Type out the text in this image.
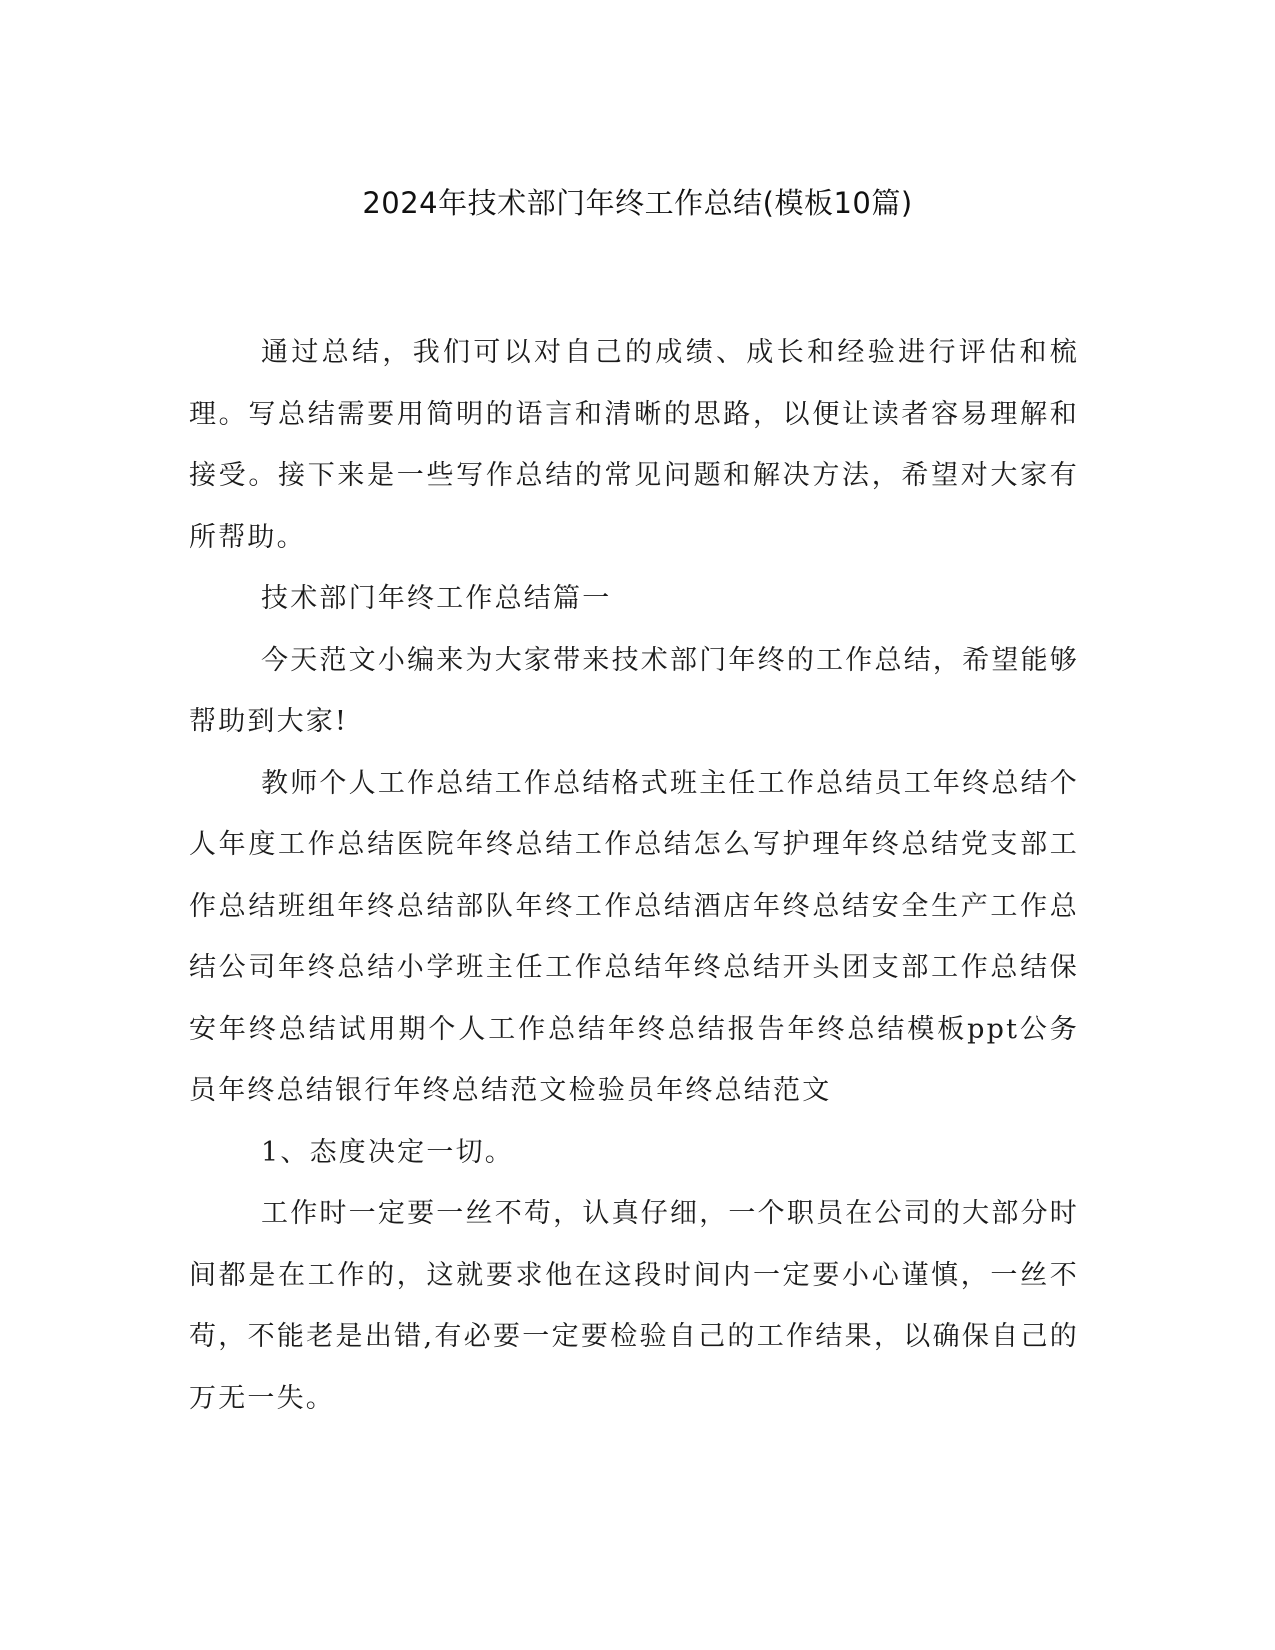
2024年技术部门年终工作总结(模板10篇)

通过总结，我们可以对自己的成绩、成长和经验进行评估和梳理。写总结需要用简明的语言和清晰的思路，以便让读者容易理解和接受。接下来是一些写作总结的常见问题和解决方法，希望对大家有所帮助。

技术部门年终工作总结篇一

今天范文小编来为大家带来技术部门年终的工作总结，希望能够帮助到大家!

教师个人工作总结工作总结格式班主任工作总结员工年终总结个人年度工作总结医院年终总结工作总结怎么写护理年终总结党支部工作总结班组年终总结部队年终工作总结酒店年终总结安全生产工作总结公司年终总结小学班主任工作总结年终总结开头团支部工作总结保安年终总结试用期个人工作总结年终总结报告年终总结模板ppt公务员年终总结银行年终总结范文检验员年终总结范文

1、态度决定一切。

工作时一定要一丝不苟，认真仔细，一个职员在公司的大部分时间都是在工作的，这就要求他在这段时间内一定要小心谨慎，一丝不苟，不能老是出错,有必要一定要检验自己的工作结果，以确保自己的万无一失。
